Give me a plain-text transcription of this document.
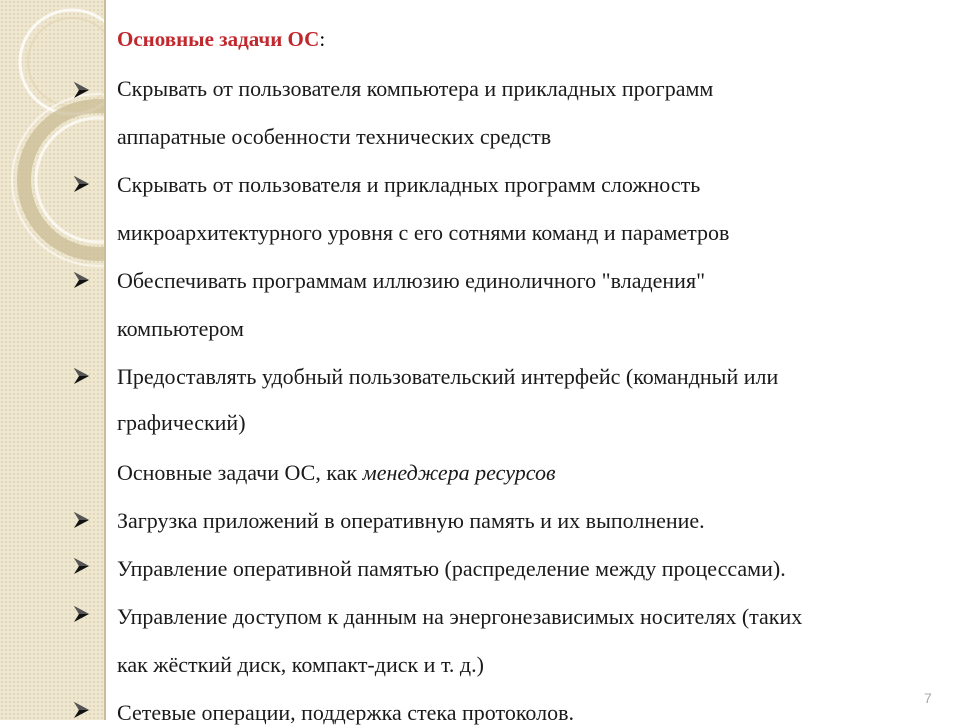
Основные задачи ОС:
Скрывать от пользователя компьютера и прикладных программ
аппаратные особенности технических средств
Скрывать от пользователя и прикладных программ сложность
микроархитектурного уровня с его сотнями команд и параметров
Обеспечивать программам иллюзию единоличного "владения"
компьютером
Предоставлять удобный пользовательский интерфейс (командный или
графический)
Основные задачи ОС, как менеджера ресурсов
Загрузка приложений в оперативную память и их выполнение.
Управление оперативной памятью (распределение между процессами).
Управление доступом к данным на энергонезависимых носителях (таких
как жёсткий диск, компакт-диск и т. д.)
Сетевые операции, поддержка стека протоколов.
7
